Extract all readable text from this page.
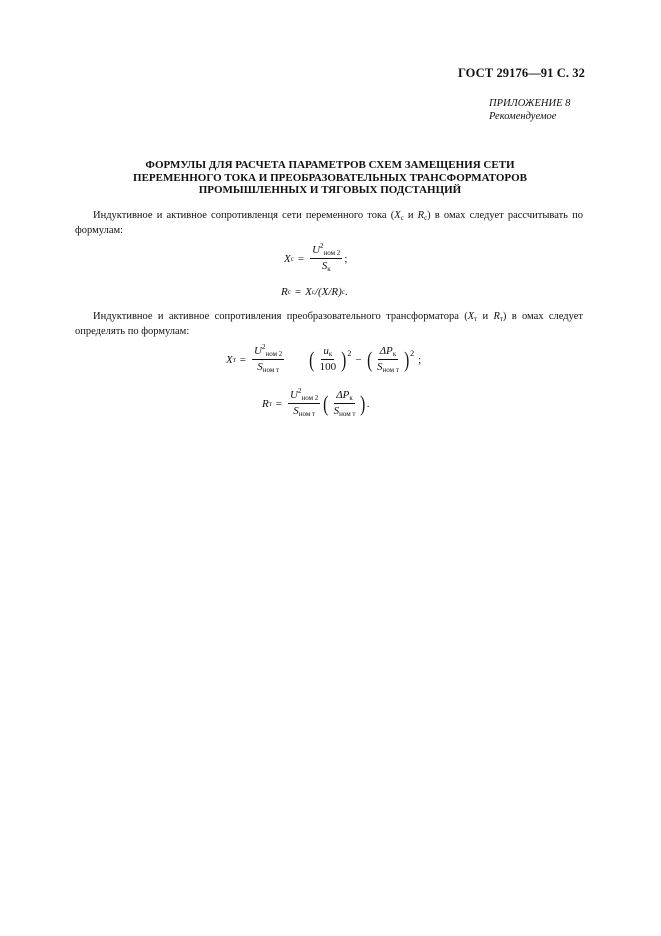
ГОСТ 29176—91 С. 32
ПРИЛОЖЕНИЕ 8
Рекомендуемое
ФОРМУЛЫ ДЛЯ РАСЧЕТА ПАРАМЕТРОВ СХЕМ ЗАМЕЩЕНИЯ СЕТИ
ПЕРЕМЕННОГО ТОКА И ПРЕОБРАЗОВАТЕЛЬНЫХ ТРАНСФОРМАТОРОВ
ПРОМЫШЛЕННЫХ И ТЯГОВЫХ ПОДСТАНЦИЙ
Индуктивное и активное сопротивленця сети переменного тока ($X_с$ и $R_с$) в омах следует рассчитывать по формулам:
X $с = \frac{U^2_{ном 2}}{S_к}$ ;
R с = X с /(X/R) с .
Индуктивное и активное сопротивления преобразовательного трансформатора ($X_т$ и $R_т$) в омах следует определять по формулам:
X $т = \frac{U^2_{ном 2}}{S_{ном т}}$ ( $\frac{u_к}{100}$ ) 2 − ( $\frac{\Delta P_к}{S_{ном т}}$ ) 2 ;
R $т = \frac{U^2_{ном 2}}{S_{ном т}}$ ( $\frac{\Delta P_к}{S_{ном т}}$ ) .
